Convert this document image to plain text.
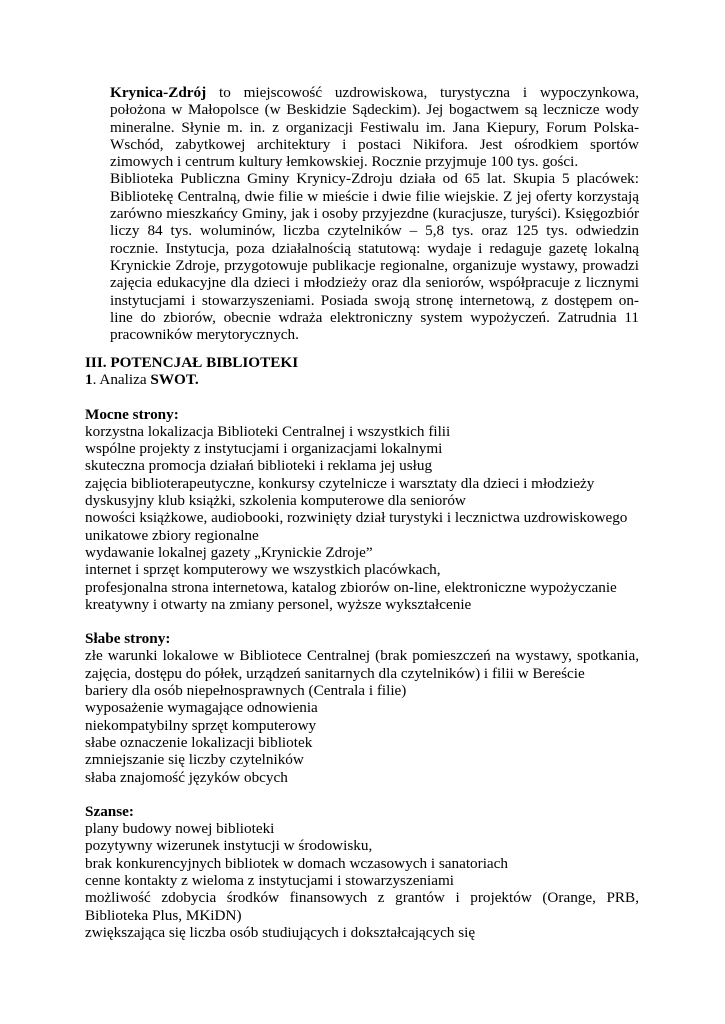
Krynica-Zdrój to miejscowość uzdrowiskowa, turystyczna i wypoczynkowa, położona w Małopolsce (w Beskidzie Sądeckim). Jej bogactwem są lecznicze wody mineralne. Słynie m. in. z organizacji Festiwalu im. Jana Kiepury, Forum Polska-Wschód, zabytkowej architektury i postaci Nikifora. Jest ośrodkiem sportów zimowych i centrum kultury łemkowskiej. Rocznie przyjmuje 100 tys. gości.

Biblioteka Publiczna Gminy Krynicy-Zdroju działa od 65 lat. Skupia 5 placówek: Bibliotekę Centralną, dwie filie w mieście i dwie filie wiejskie. Z jej oferty korzystają zarówno mieszkańcy Gminy, jak i osoby przyjezdne (kuracjusze, turyści). Księgozbiór liczy 84 tys. woluminów, liczba czytelników – 5,8 tys. oraz 125 tys. odwiedzin rocznie. Instytucja, poza działalnością statutową: wydaje i redaguje gazetę lokalną Krynickie Zdroje, przygotowuje publikacje regionalne, organizuje wystawy, prowadzi zajęcia edukacyjne dla dzieci i młodzieży oraz dla seniorów, współpracuje z licznymi instytucjami i stowarzyszeniami. Posiada swoją stronę internetową, z dostępem on-line do zbiorów, obecnie wdraża elektroniczny system wypożyczeń. Zatrudnia 11 pracowników merytorycznych.

III. POTENCJAŁ BIBLIOTEKI

1. Analiza SWOT.

Mocne strony:

korzystna lokalizacja Biblioteki Centralnej i wszystkich filii
wspólne projekty z instytucjami i organizacjami lokalnymi
skuteczna promocja działań biblioteki i reklama jej usług
zajęcia biblioterapeutyczne, konkursy czytelnicze i warsztaty dla dzieci i młodzieży
dyskusyjny klub książki, szkolenia komputerowe dla seniorów
nowości książkowe, audiobooki, rozwinięty dział turystyki i lecznictwa uzdrowiskowego
unikatowe zbiory regionalne
wydawanie lokalnej gazety „Krynickie Zdroje”
internet i sprzęt komputerowy we wszystkich placówkach,
profesjonalna strona internetowa, katalog zbiorów on-line, elektroniczne wypożyczanie
kreatywny i otwarty na zmiany personel, wyższe wykształcenie

Słabe strony:

złe warunki lokalowe w Bibliotece Centralnej (brak pomieszczeń na wystawy, spotkania, zajęcia, dostępu do półek, urządzeń sanitarnych dla czytelników) i filii w Bereście
bariery dla osób niepełnosprawnych (Centrala i filie)
wyposażenie wymagające odnowienia
niekompatybilny sprzęt komputerowy
słabe oznaczenie lokalizacji bibliotek
zmniejszanie się liczby czytelników
słaba znajomość języków obcych

Szanse:

plany budowy nowej biblioteki
pozytywny wizerunek instytucji w środowisku,
brak konkurencyjnych bibliotek w domach wczasowych i sanatoriach
cenne kontakty z wieloma z instytucjami i stowarzyszeniami
możliwość zdobycia środków finansowych z grantów i projektów (Orange, PRB, Biblioteka Plus, MKiDN)
zwiększająca się liczba osób studiujących i dokształcających się
